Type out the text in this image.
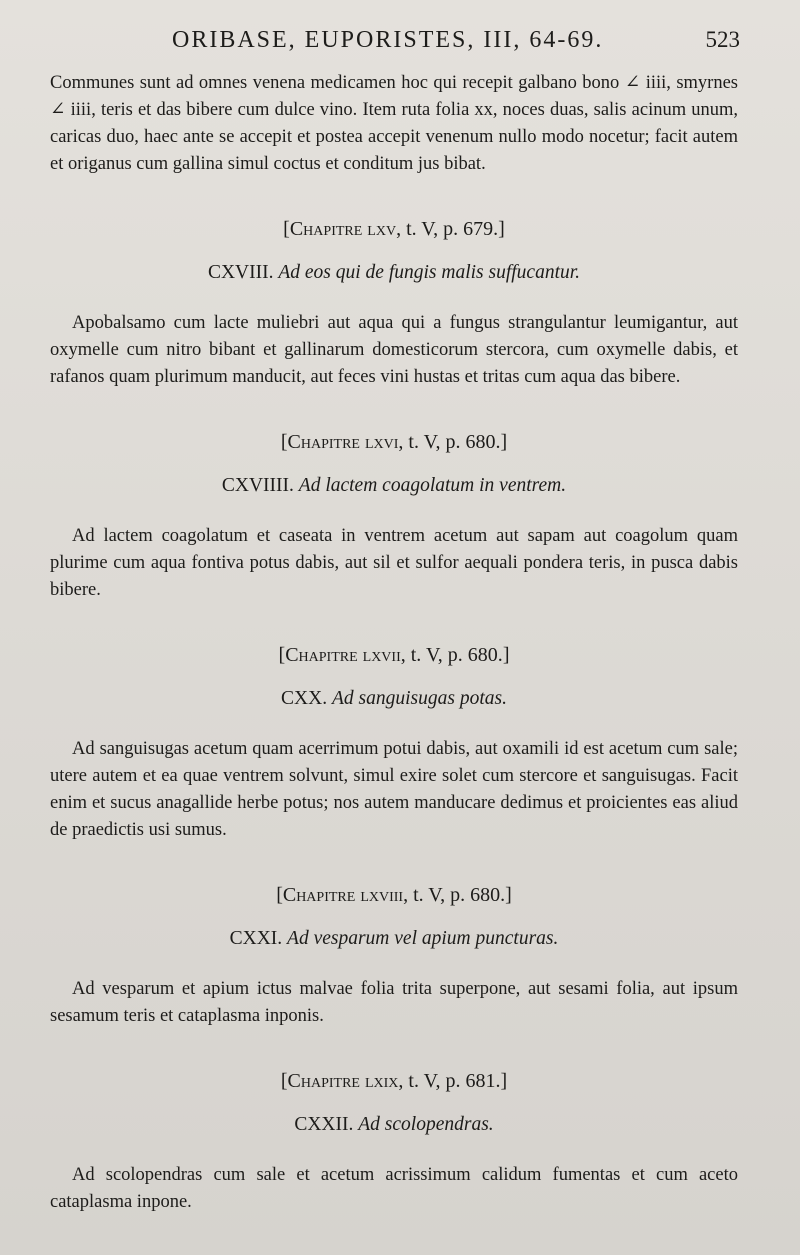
ORIBASE, EUPORISTES, III, 64-69.	523

Communes sunt ad omnes venena medicamen hoc qui recepit galbano bono ∠ iiii, smyrnes ∠ iiii, teris et das bibere cum dulce vino. Item ruta folia xx, noces duas, salis acinum unum, caricas duo, haec ante se accepit et postea accepit venenum nullo modo nocetur; facit autem et origanus cum gallina simul coctus et conditum jus bibat.

[Chapitre lxv, t. V, p. 679.]
CXVIII. Ad eos qui de fungis malis suffucantur.

Apobalsamo cum lacte muliebri aut aqua qui a fungus strangulantur leumigantur, aut oxymelle cum nitro bibant et gallinarum domesticorum stercora, cum oxymelle dabis, et rafanos quam plurimum manducit, aut feces vini hustas et tritas cum aqua das bibere.

[Chapitre lxvi, t. V, p. 680.]
CXVIIII. Ad lactem coagolatum in ventrem.

Ad lactem coagolatum et caseata in ventrem acetum aut sapam aut coagolum quam plurime cum aqua fontiva potus dabis, aut sil et sulfor aequali pondera teris, in pusca dabis bibere.

[Chapitre lxvii, t. V, p. 680.]
CXX. Ad sanguisugas potas.

Ad sanguisugas acetum quam acerrimum potui dabis, aut oxamili id est acetum cum sale; utere autem et ea quae ventrem solvunt, simul exire solet cum stercore et sanguisugas. Facit enim et sucus anagallide herbe potus; nos autem manducare dedimus et proicientes eas aliud de praedictis usi sumus.

[Chapitre lxviii, t. V, p. 680.]
CXXI. Ad vesparum vel apium puncturas.

Ad vesparum et apium ictus malvae folia trita superpone, aut sesami folia, aut ipsum sesamum teris et cataplasma inponis.

[Chapitre lxix, t. V, p. 681.]
CXXII. Ad scolopendras.

Ad scolopendras cum sale et acetum acrissimum calidum fumentas et cum aceto cataplasma inpone.
